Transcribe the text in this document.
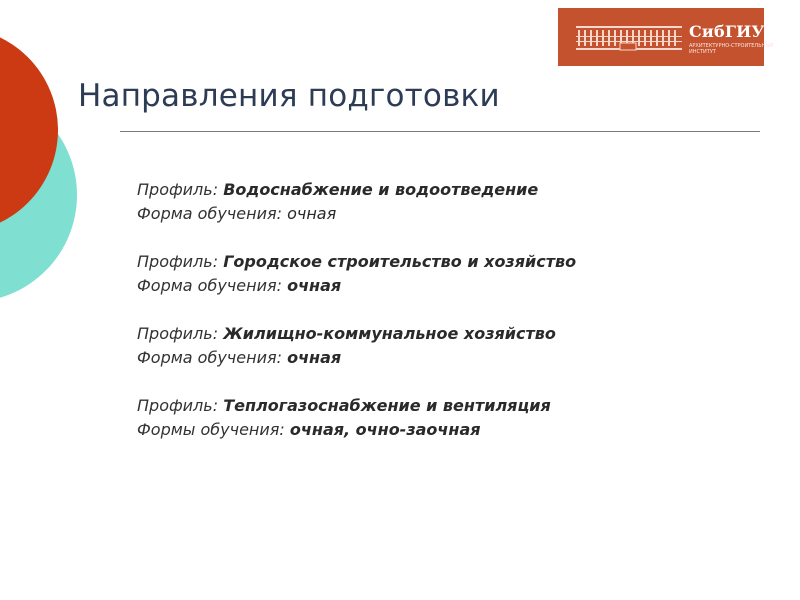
СибГИУ
АРХИТЕКТУРНО-СТРОИТЕЛЬНЫЙ
ИНСТИТУТ
Направления подготовки
Профиль: Водоснабжение и водоотведение
Форма обучения: очная
Профиль: Городское строительство и хозяйство
Форма обучения: очная
Профиль: Жилищно-коммунальное хозяйство
Форма обучения: очная
Профиль: Теплогазоснабжение и вентиляция
Формы обучения: очная, очно-заочная
